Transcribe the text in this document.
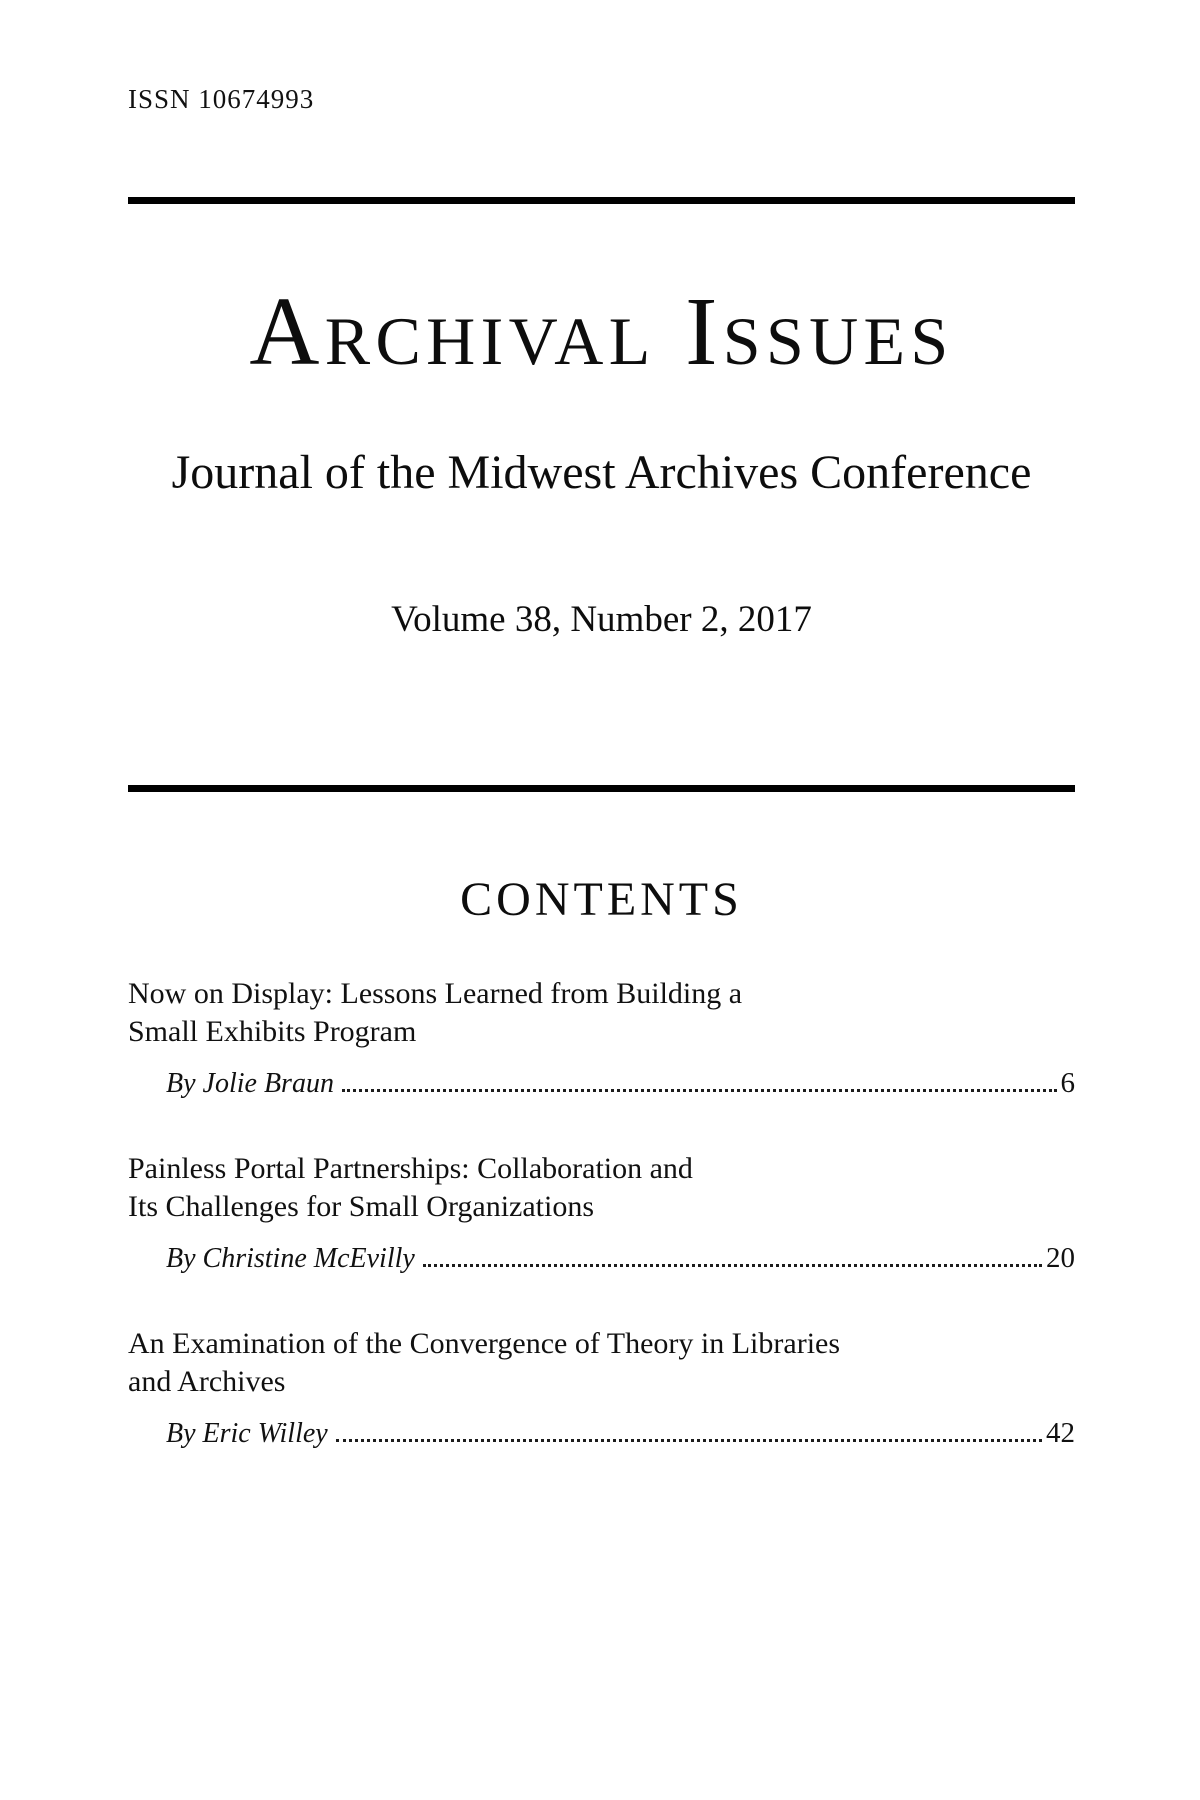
ISSN 10674993
Archival Issues
Journal of the Midwest Archives Conference
Volume 38, Number 2, 2017
CONTENTS
Now on Display: Lessons Learned from Building a
Small Exhibits Program
By Jolie Braun	6
Painless Portal Partnerships: Collaboration and
Its Challenges for Small Organizations
By Christine McEvilly	20
An Examination of the Convergence of Theory in Libraries
and Archives
By Eric Willey	42
